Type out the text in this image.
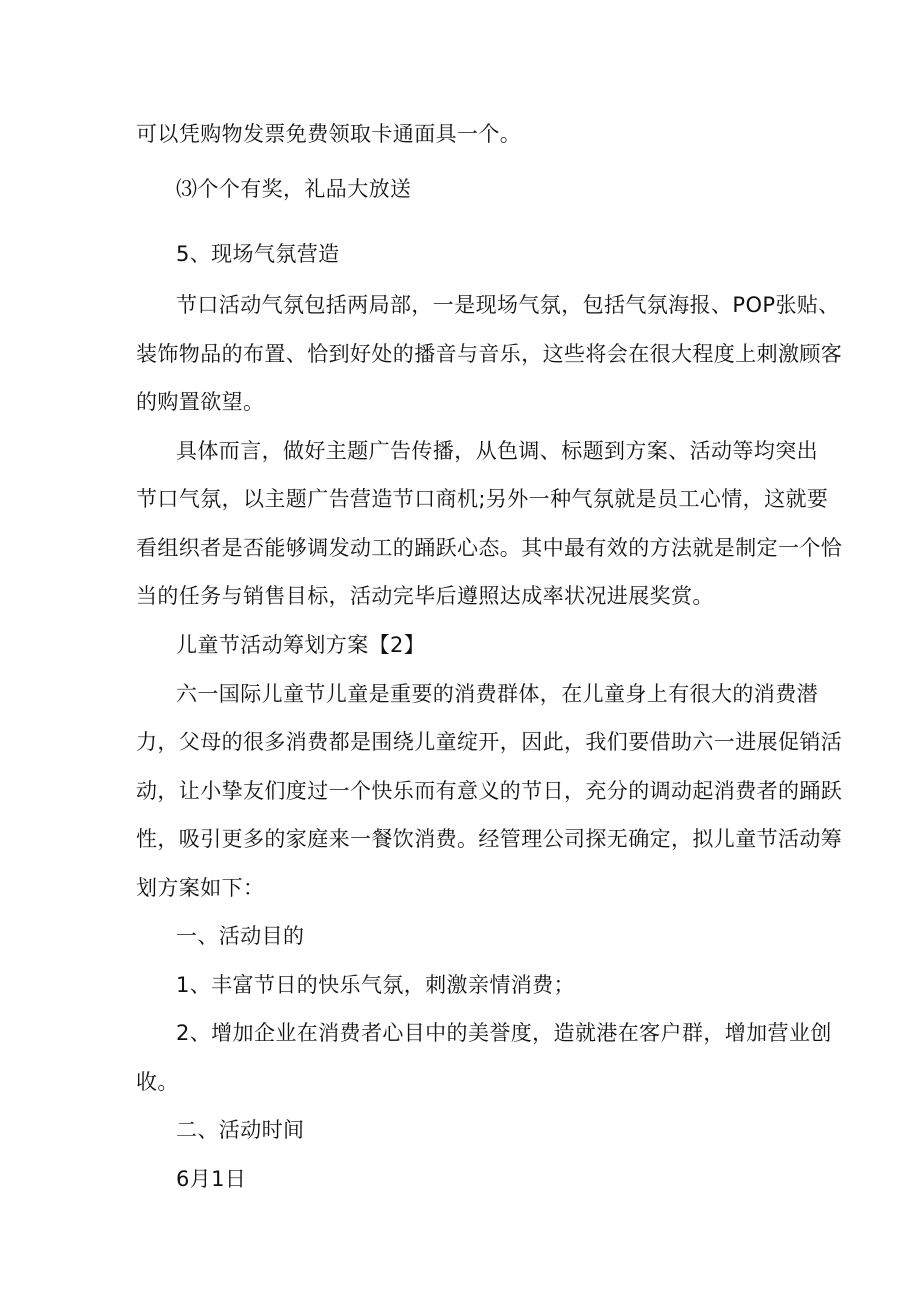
可以凭购物发票免费领取卡通面具一个。
⑶个个有奖，礼品大放送
5、现场气氛营造
节口活动气氛包括两局部，一是现场气氛，包括气氛海报、POP张贴、
装饰物品的布置、恰到好处的播音与音乐，这些将会在很大程度上刺激顾客
的购置欲望。
具体而言，做好主题广告传播，从色调、标题到方案、活动等均突出
节口气氛，以主题广告营造节口商机;另外一种气氛就是员工心情，这就要
看组织者是否能够调发动工的踊跃心态。其中最有效的方法就是制定一个恰
当的任务与销售目标，活动完毕后遵照达成率状况进展奖赏。
儿童节活动筹划方案【2】
六一国际儿童节儿童是重要的消费群体，在儿童身上有很大的消费潜
力，父母的很多消费都是围绕儿童绽开，因此，我们要借助六一进展促销活
动，让小挚友们度过一个快乐而有意义的节日，充分的调动起消费者的踊跃
性，吸引更多的家庭来一餐饮消费。经管理公司探无确定，拟儿童节活动筹
划方案如下：
一、活动目的
1、丰富节日的快乐气氛，刺激亲情消费；
2、增加企业在消费者心目中的美誉度，造就港在客户群，增加营业创
收。
二、活动时间
6月1日
